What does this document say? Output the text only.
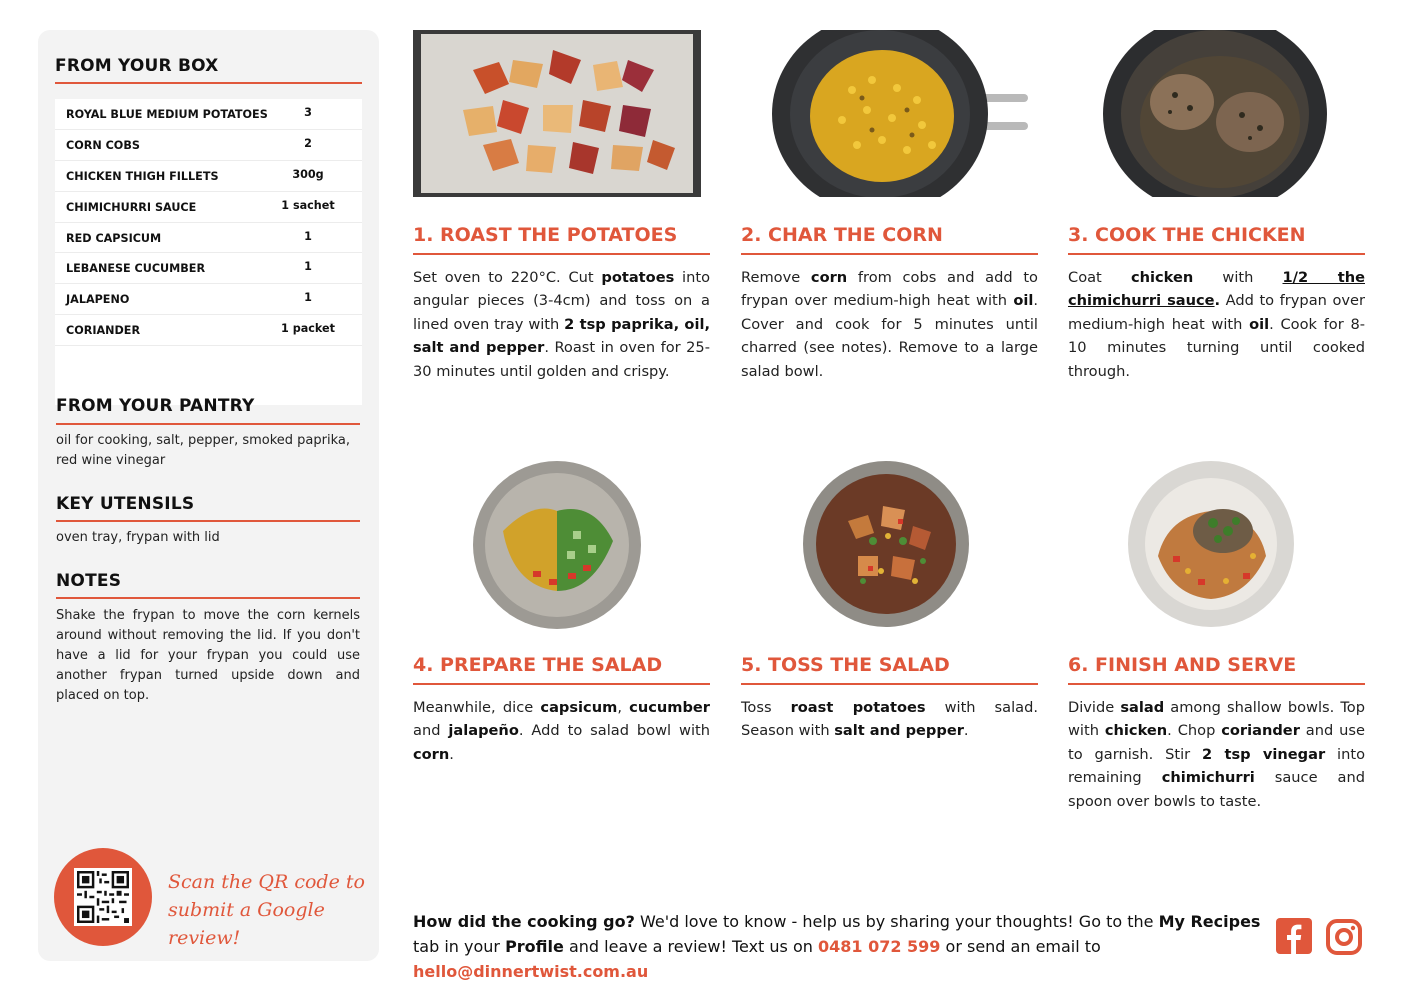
FROM YOUR BOX
ROYAL BLUE MEDIUM POTATOES	3
CORN COBS	2
CHICKEN THIGH FILLETS	300g
CHIMICHURRI SAUCE	1 sachet
RED CAPSICUM	1
LEBANESE CUCUMBER	1
JALAPENO	1
CORIANDER	1 packet
FROM YOUR PANTRY
oil for cooking, salt, pepper, smoked paprika, red wine vinegar
KEY UTENSILS
oven tray, frypan with lid
NOTES
Shake the frypan to move the corn kernels around without removing the lid. If you don't have a lid for your frypan you could use another frypan turned upside down and placed on top.
Scan the QR code to
submit a Google review!
1. ROAST THE POTATOES
Set oven to 220°C. Cut potatoes into angular pieces (3-4cm) and toss on a lined oven tray with 2 tsp paprika, oil, salt and pepper. Roast in oven for 25-30 minutes until golden and crispy.
2. CHAR THE CORN
Remove corn from cobs and add to frypan over medium-high heat with oil. Cover and cook for 5 minutes until charred (see notes). Remove to a large salad bowl.
3. COOK THE CHICKEN
Coat chicken with 1/2 the chimichurri sauce. Add to frypan over medium-high heat with oil. Cook for 8-10 minutes turning until cooked through.
4. PREPARE THE SALAD
Meanwhile, dice capsicum, cucumber and jalapeño. Add to salad bowl with corn.
5. TOSS THE SALAD
Toss roast potatoes with salad. Season with salt and pepper.
6. FINISH AND SERVE
Divide salad among shallow bowls. Top with chicken. Chop coriander and use to garnish. Stir 2 tsp vinegar into remaining chimichurri sauce and spoon over bowls to taste.
How did the cooking go? We'd love to know - help us by sharing your thoughts! Go to the My Recipes tab in your Profile and leave a review! Text us on 0481 072 599 or send an email to hello@dinnertwist.com.au
